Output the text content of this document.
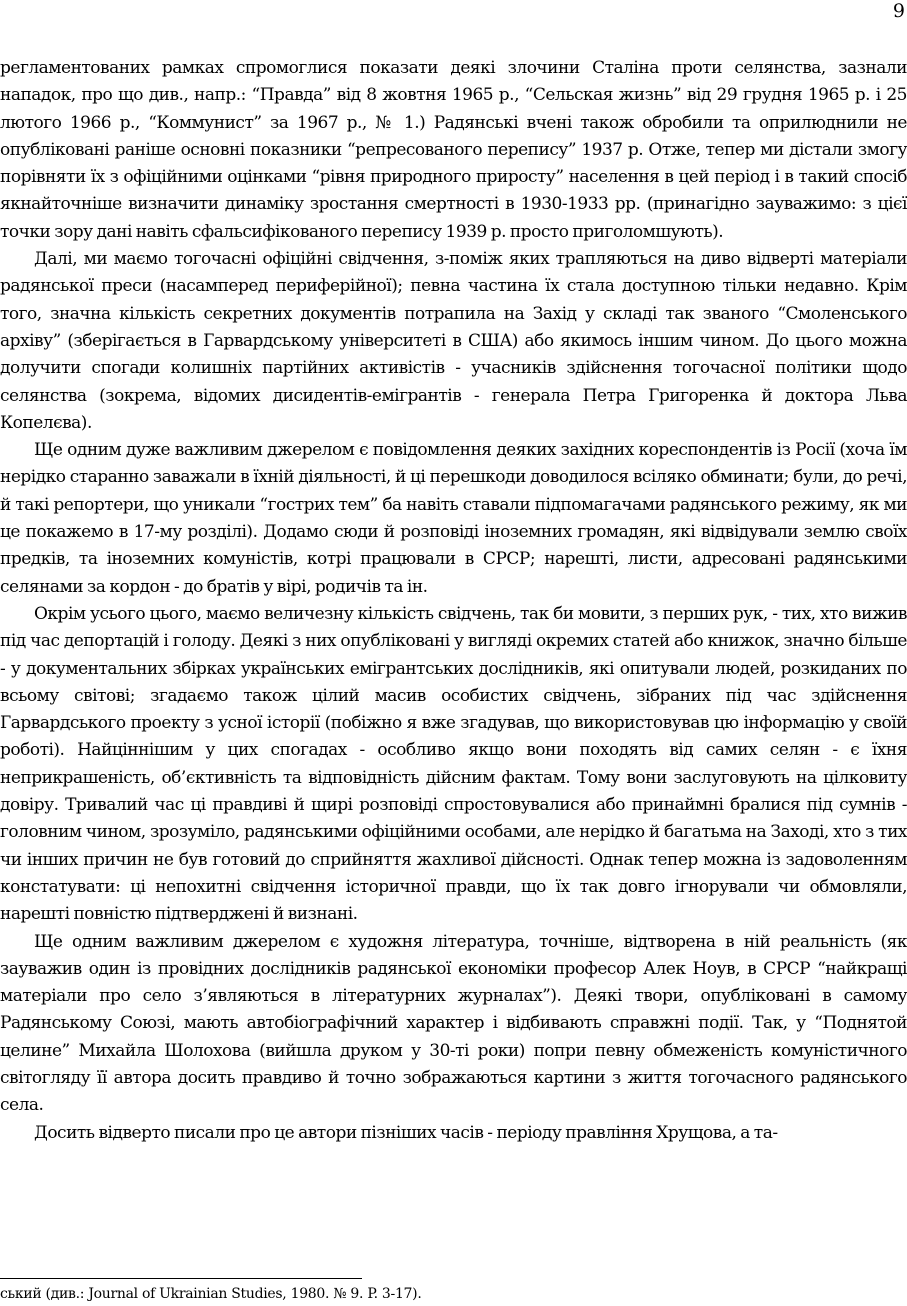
9

регламентованих рамках спромоглися показати деякі злочини Сталіна проти селянства, зазнали нападок, про що див., напр.: “Правда” від 8 жовтня 1965 р., “Сельская жизнь” від 29 грудня 1965 р. і 25 лютого 1966 р., “Коммунист” за 1967 р., № 1.) Радянські вчені також обробили та оприлюднили не опубліковані раніше основні показники “репресованого перепису” 1937 р. Отже, тепер ми дістали змогу порівняти їх з офіційними оцінками “рівня природного приросту” населення в цей період і в такий спосіб якнайточніше визначити динаміку зростання смертності в 1930-1933 рр. (принагідно зауважимо: з цієї точки зору дані навіть сфальсифікованого перепису 1939 р. просто приголомшують).

Далі, ми маємо тогочасні офіційні свідчення, з-поміж яких трапляються на диво відверті матеріали радянської преси (насамперед периферійної); певна частина їх стала доступною тільки недавно. Крім того, значна кількість секретних документів потрапила на Захід у складі так званого “Смоленського архіву” (зберігається в Гарвардському університеті в США) або якимось іншим чином. До цього можна долучити спогади колишніх партійних активістів - учасників здійснення тогочасної політики щодо селянства (зокрема, відомих дисидентів-емігрантів - генерала Петра Григоренка й доктора Льва Копелєва).

Ще одним дуже важливим джерелом є повідомлення деяких західних кореспондентів із Росії (хоча їм нерідко старанно заважали в їхній діяльності, й ці перешкоди доводилося всіляко обминати; були, до речі, й такі репортери, що уникали “гострих тем” ба навіть ставали підпомагачами радянського режиму, як ми це покажемо в 17-му розділі). Додамо сюди й розповіді іноземних громадян, які відвідували землю своїх предків, та іноземних комуністів, котрі працювали в СРСР; нарешті, листи, адресовані радянськими селянами за кордон - до братів у вірі, родичів та ін.

Окрім усього цього, маємо величезну кількість свідчень, так би мовити, з перших рук, - тих, хто вижив під час депортацій і голоду. Деякі з них опубліковані у вигляді окремих статей або книжок, значно більше - у документальних збірках українських емігрантських дослідників, які опитували людей, розкиданих по всьому світові; згадаємо також цілий масив особистих свідчень, зібраних під час здійснення Гарвардського проекту з усної історії (побіжно я вже згадував, що використовував цю інформацію у своїй роботі). Найціннішим у цих спогадах - особливо якщо вони походять від самих селян - є їхня неприкрашеність, об’єктивність та відповідність дійсним фактам. Тому вони заслуговують на цілковиту довіру. Тривалий час ці правдиві й щирі розповіді спростовувалися або принаймні бралися під сумнів - головним чином, зрозуміло, радянськими офіційними особами, але нерідко й багатьма на Заході, хто з тих чи інших причин не був готовий до сприйняття жахливої дійсності. Однак тепер можна із задоволенням констатувати: ці непохитні свідчення історичної правди, що їх так довго ігнорували чи обмовляли, нарешті повністю підтверджені й визнані.

Ще одним важливим джерелом є художня література, точніше, відтворена в ній реальність (як зауважив один із провідних дослідників радянської економіки професор Алек Ноув, в СРСР “найкращі матеріали про село з’являються в літературних журналах”). Деякі твори, опубліковані в самому Радянському Союзі, мають автобіографічний характер і відбивають справжні події. Так, у “Поднятой целине” Михайла Шолохова (вийшла друком у 30-ті роки) попри певну обмеженість комуністичного світогляду її автора досить правдиво й точно зображаються картини з життя тогочасного радянського села.

Досить відверто писали про це автори пізніших часів - періоду правління Хрущова, а та-

ський (див.: Journal of Ukrainian Studies, 1980. № 9. P. 3-17).
